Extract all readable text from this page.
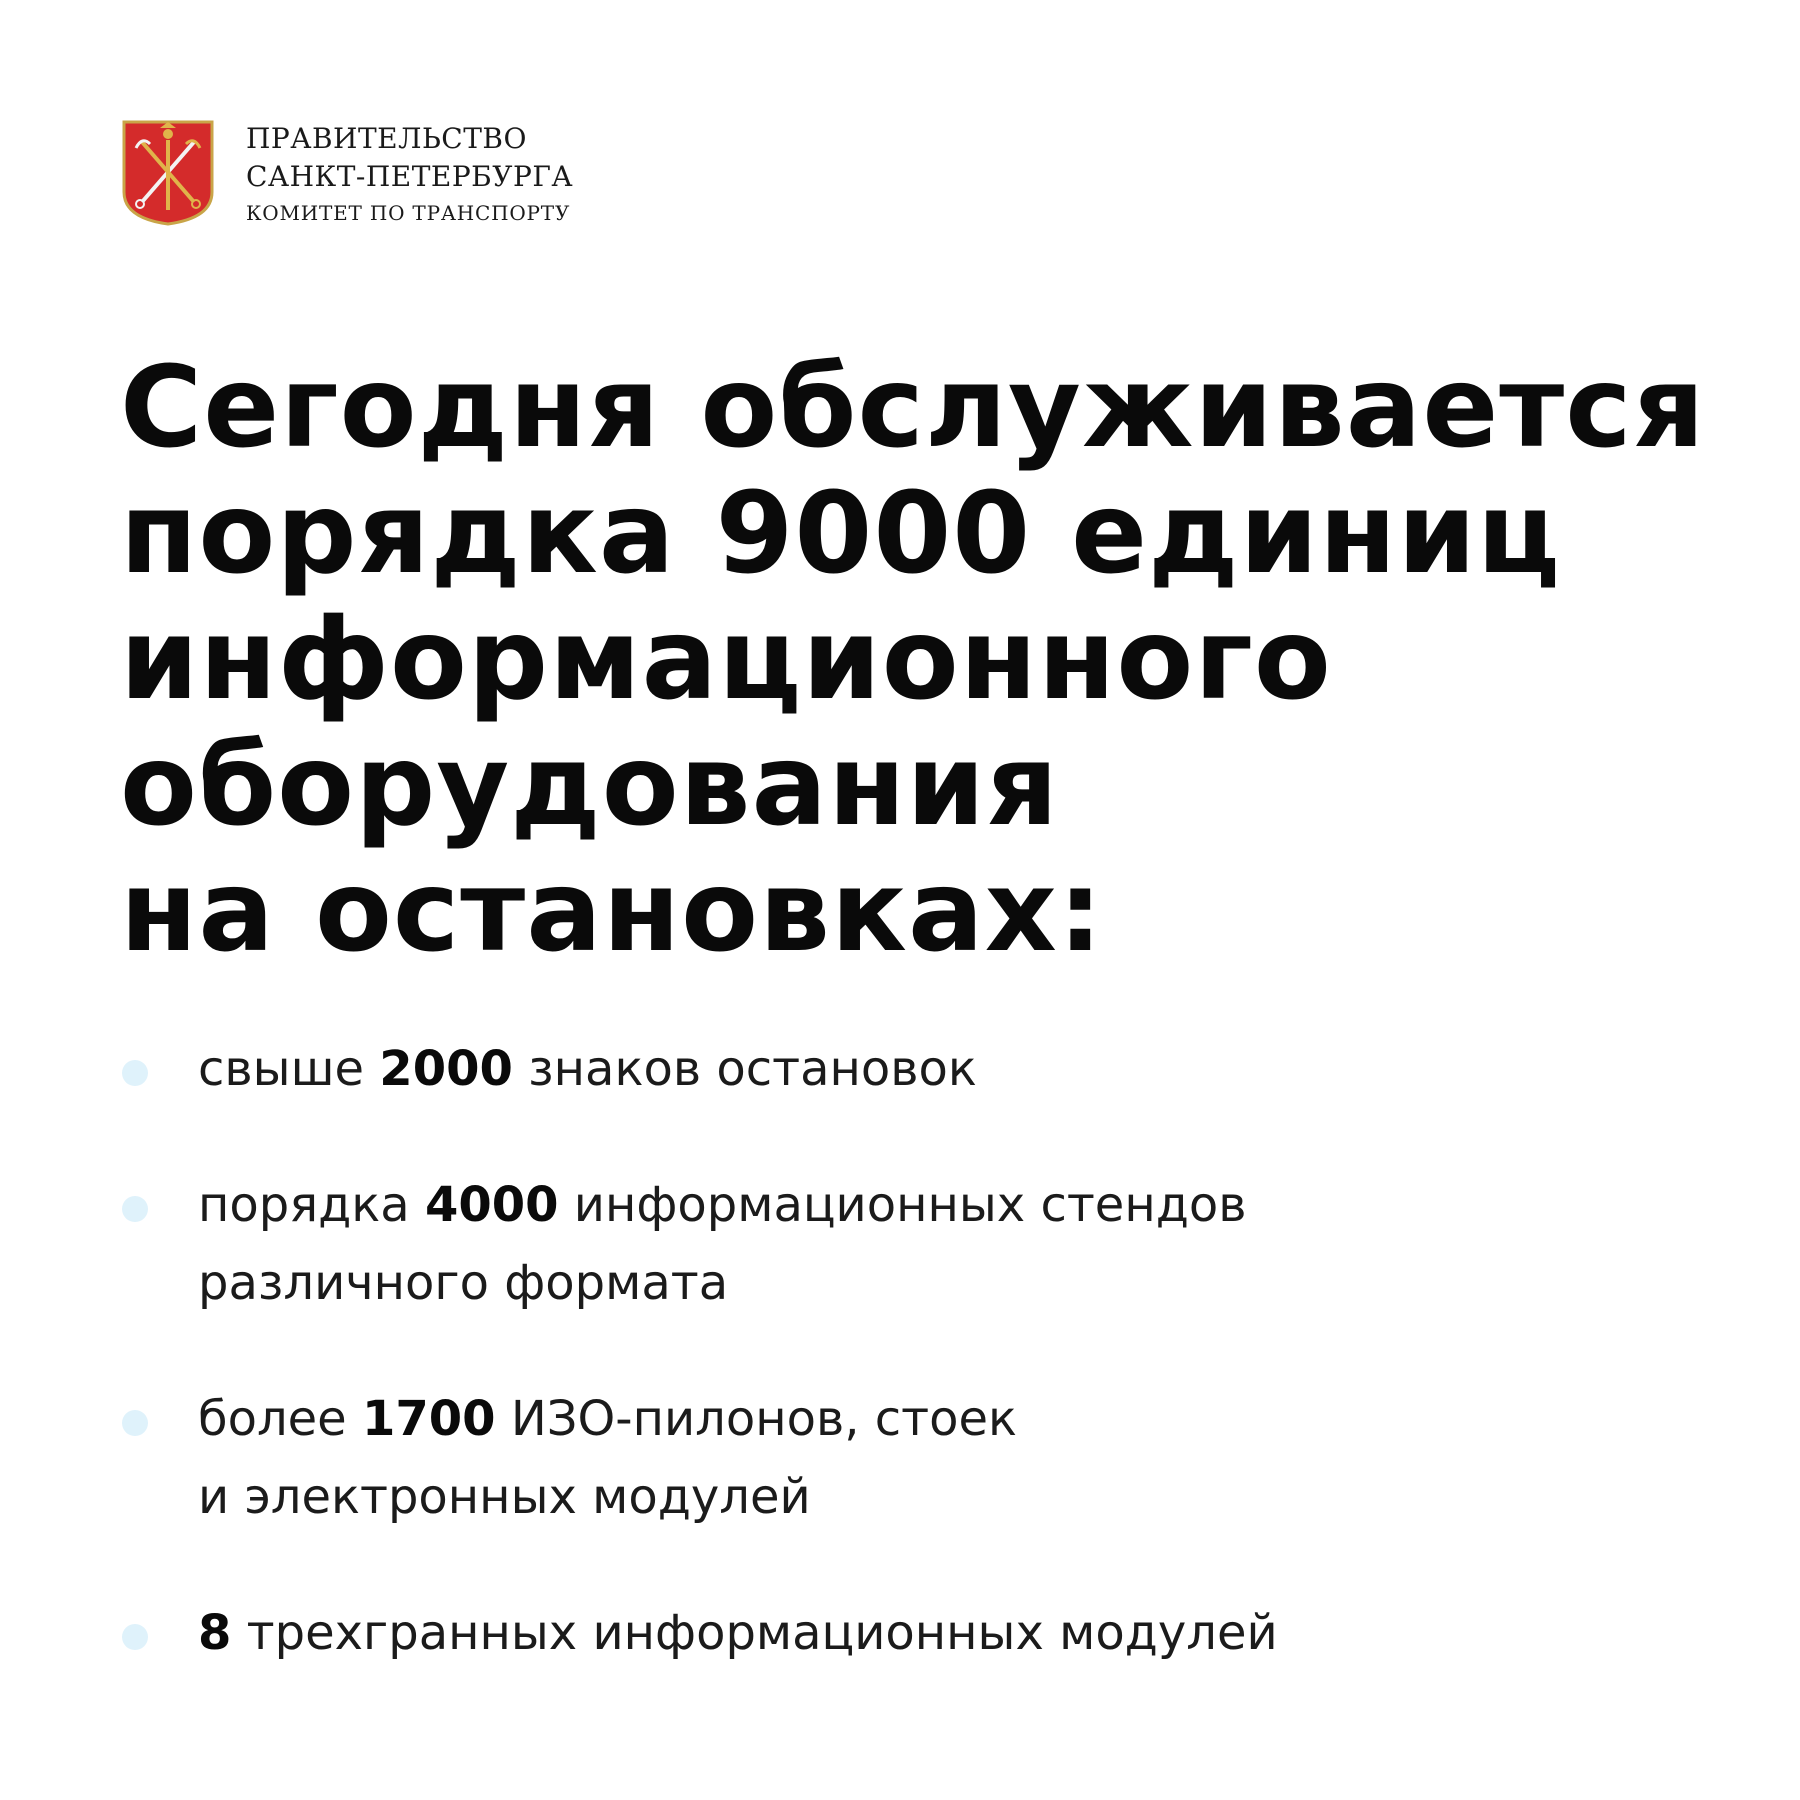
ПРАВИТЕЛЬСТВО
САНКТ-ПЕТЕРБУРГА
КОМИТЕТ ПО ТРАНСПОРТУ
Сегодня обслуживается
порядка 9000 единиц
информационного
оборудования
на остановках:
свыше 2000 знаков остановок
порядка 4000 информационных стендов
различного формата
более 1700 ИЗО-пилонов, стоек
и электронных модулей
8 трехгранных информационных модулей
